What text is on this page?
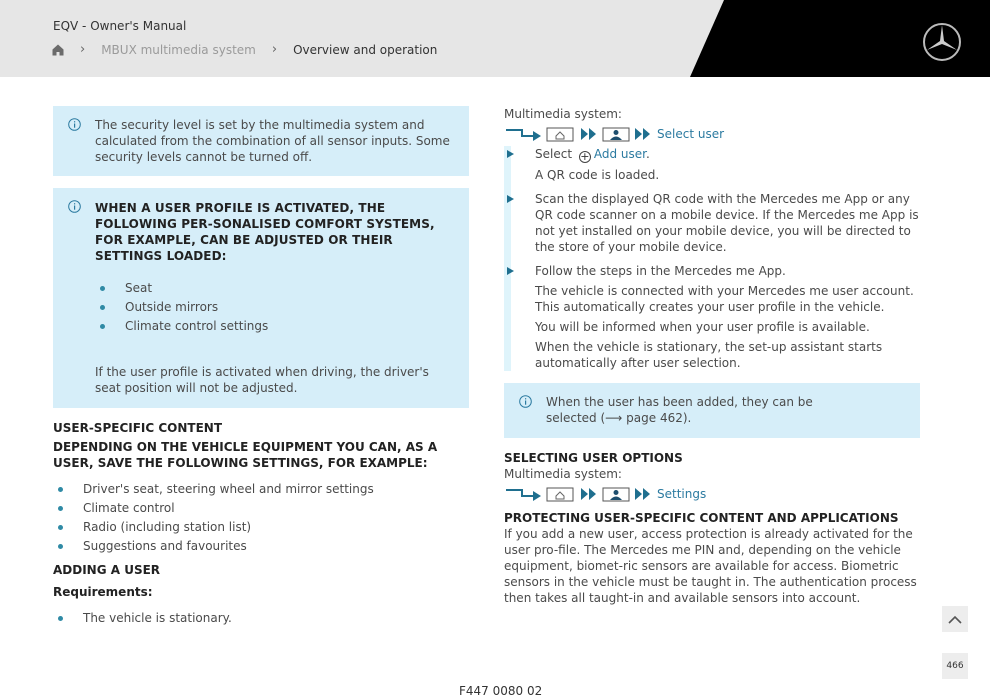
EQV - Owner's Manual
› MBUX multimedia system › Overview and operation

The security level is set by the multimedia system and calculated from the combination of all sensor inputs. Some security levels cannot be turned off.

WHEN A USER PROFILE IS ACTIVATED, THE FOLLOWING PER-SONALISED COMFORT SYSTEMS, FOR EXAMPLE, CAN BE ADJUSTED OR THEIR SETTINGS LOADED:

Seat
Outside mirrors
Climate control settings

If the user profile is activated when driving, the driver's seat position will not be adjusted.

USER-SPECIFIC CONTENT
DEPENDING ON THE VEHICLE EQUIPMENT YOU CAN, AS A USER, SAVE THE FOLLOWING SETTINGS, FOR EXAMPLE:
Driver's seat, steering wheel and mirror settings
Climate control
Radio (including station list)
Suggestions and favourites
ADDING A USER
Requirements:
The vehicle is stationary.
Multimedia system:
Select user

Select + Add user.

A QR code is loaded.

Scan the displayed QR code with the Mercedes me App or any QR code scanner on a mobile device. If the Mercedes me App is not yet installed on your mobile device, you will be directed to the store of your mobile device.

Follow the steps in the Mercedes me App.

The vehicle is connected with your Mercedes me user account. This automatically creates your user profile in the vehicle.

You will be informed when your user profile is available.

When the vehicle is stationary, the set-up assistant starts automatically after user selection.

When the user has been added, they can be selected (⟶ page 462).

SELECTING USER OPTIONS
Multimedia system:
Settings
PROTECTING USER-SPECIFIC CONTENT AND APPLICATIONS

If you add a new user, access protection is already activated for the user pro-file. The Mercedes me PIN and, depending on the vehicle equipment, biomet-ric sensors are available for access. Biometric sensors in the vehicle must be taught in. The authentication process then takes all taught-in and available sensors into account.

466
F447 0080 02
